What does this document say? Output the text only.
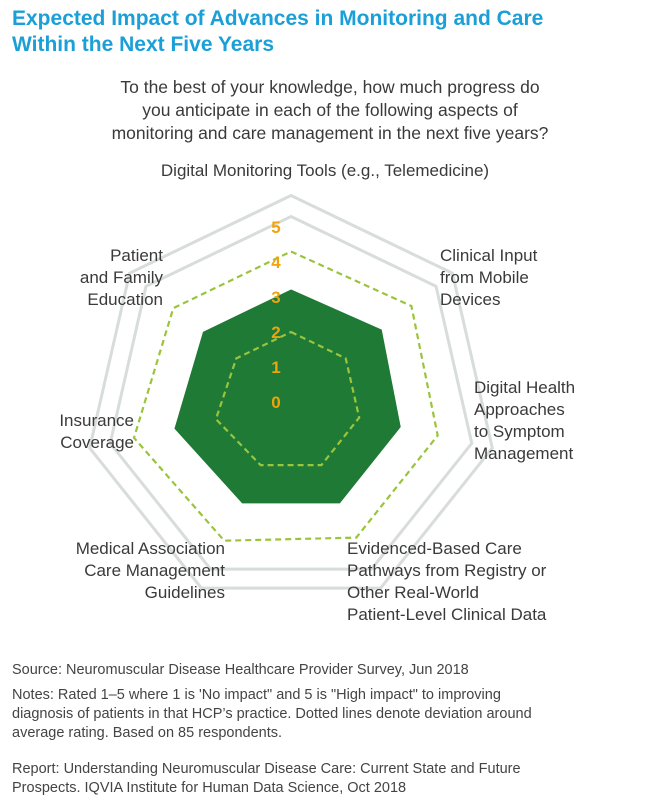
Expected Impact of Advances in Monitoring and Care
Within the Next Five Years
To the best of your knowledge, how much progress do
you anticipate in each of the following aspects of
monitoring and care management in the next five years?
0
1
2
3
4
5
Digital Monitoring Tools (e.g., Telemedicine)
Clinical Input
from Mobile
Devices
Digital Health
Approaches
to Symptom
Management
Evidenced-Based Care
Pathways from Registry or
Other Real-World
Patient-Level Clinical Data
Medical Association
Care Management
Guidelines
Insurance
Coverage
Patient
and Family
Education
Source: Neuromuscular Disease Healthcare Provider Survey, Jun 2018
Notes: Rated 1–5 where 1 is 'No impact" and 5 is "High impact" to improving
diagnosis of patients in that HCP’s practice. Dotted lines denote deviation around
average rating. Based on 85 respondents.
Report: Understanding Neuromuscular Disease Care: Current State and Future
Prospects. IQVIA Institute for Human Data Science, Oct 2018
